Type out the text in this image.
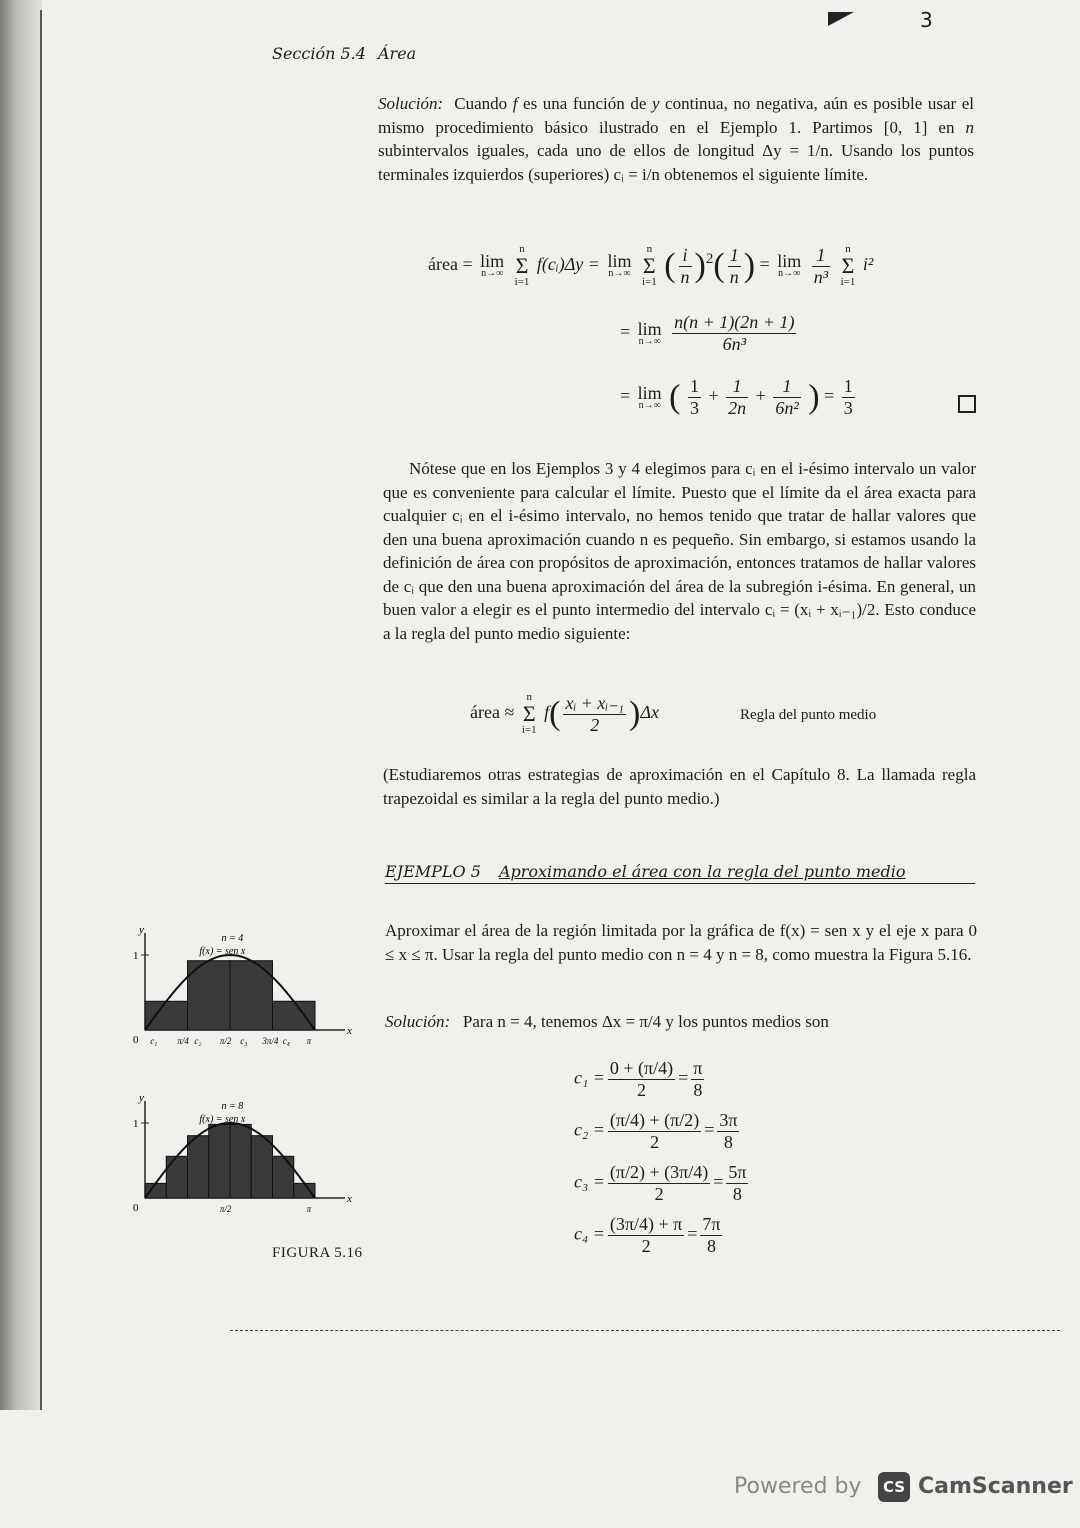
3
Sección 5.4 Área
Solución: Cuando f es una función de y continua, no negativa, aún es posible usar el mismo procedimiento básico ilustrado en el Ejemplo 1. Partimos [0, 1] en n subintervalos iguales, cada uno de ellos de longitud Δy = 1/n. Usando los puntos terminales izquierdos (superiores) cᵢ = i/n obtenemos el siguiente límite.
área = lim
n→∞
n
Σ
i=1 f(cᵢ)Δy = lim
n→∞
n
Σ
i=1 ( $\frac{i}{n} )^2( \frac{1}{n}$ ) = lim
n→∞
$\frac{1}{\text{n³}}$ n
Σ
i=1 i²
= lim
n→∞
$\frac{n(n + 1)(2n + 1)}{\text{6n³}}$
= lim
n→∞ ( $\frac{1}{3} + \frac{1}{2n} + \frac{1}{\text{6n²}}$ ) = $\frac{1}{3}$
Nótese que en los Ejemplos 3 y 4 elegimos para cᵢ en el i-ésimo intervalo un valor que es conveniente para calcular el límite. Puesto que el límite da el área exacta para cualquier cᵢ en el i-ésimo intervalo, no hemos tenido que tratar de hallar valores que den una buena aproximación cuando n es pequeño. Sin embargo, si estamos usando la definición de área con propósitos de aproximación, entonces tratamos de hallar valores de cᵢ que den una buena aproximación del área de la subregión i-ésima. En general, un buen valor a elegir es el punto intermedio del intervalo cᵢ = (xᵢ + xᵢ₋₁)/2. Esto conduce a la regla del punto medio siguiente:
área ≈ n
Σ
i=1 $f( \frac{\text{xᵢ + xᵢ₋₁}}{2} )\Delta x$	Regla del punto medio
(Estudiaremos otras estrategias de aproximación en el Capítulo 8. La llamada regla trapezoidal es similar a la regla del punto medio.)
EJEMPLO 5 Aproximando el área con la regla del punto medio
Aproximar el área de la región limitada por la gráfica de f(x) = sen x y el eje x para 0 ≤ x ≤ π. Usar la regla del punto medio con n = 4 y n = 8, como muestra la Figura 5.16.
Solución: Para n = 4, tenemos Δx = π/4 y los puntos medios son
$c_1 = \frac{0 + (\pi/4)}{2} = \frac{\pi}{8}$
$c_2 = \frac{(\pi/4) + (\pi/2)}{2} = \frac{3\pi}{8}$
$c_3 = \frac{(\pi/2) + (3\pi/4)}{2} = \frac{5\pi}{8}$
$c_4 = \frac{(3\pi/4) + \pi}{2} = \frac{7\pi}{8}$
y
x
1
0
n = 4
f(x) = sen x
c₁ π/4 c₂ π/2 c₃ 3π/4 c₄ π
y
x
1
0
n = 8
f(x) = sen x
π/2	π
FIGURA 5.16
Powered by	CS CamScanner
